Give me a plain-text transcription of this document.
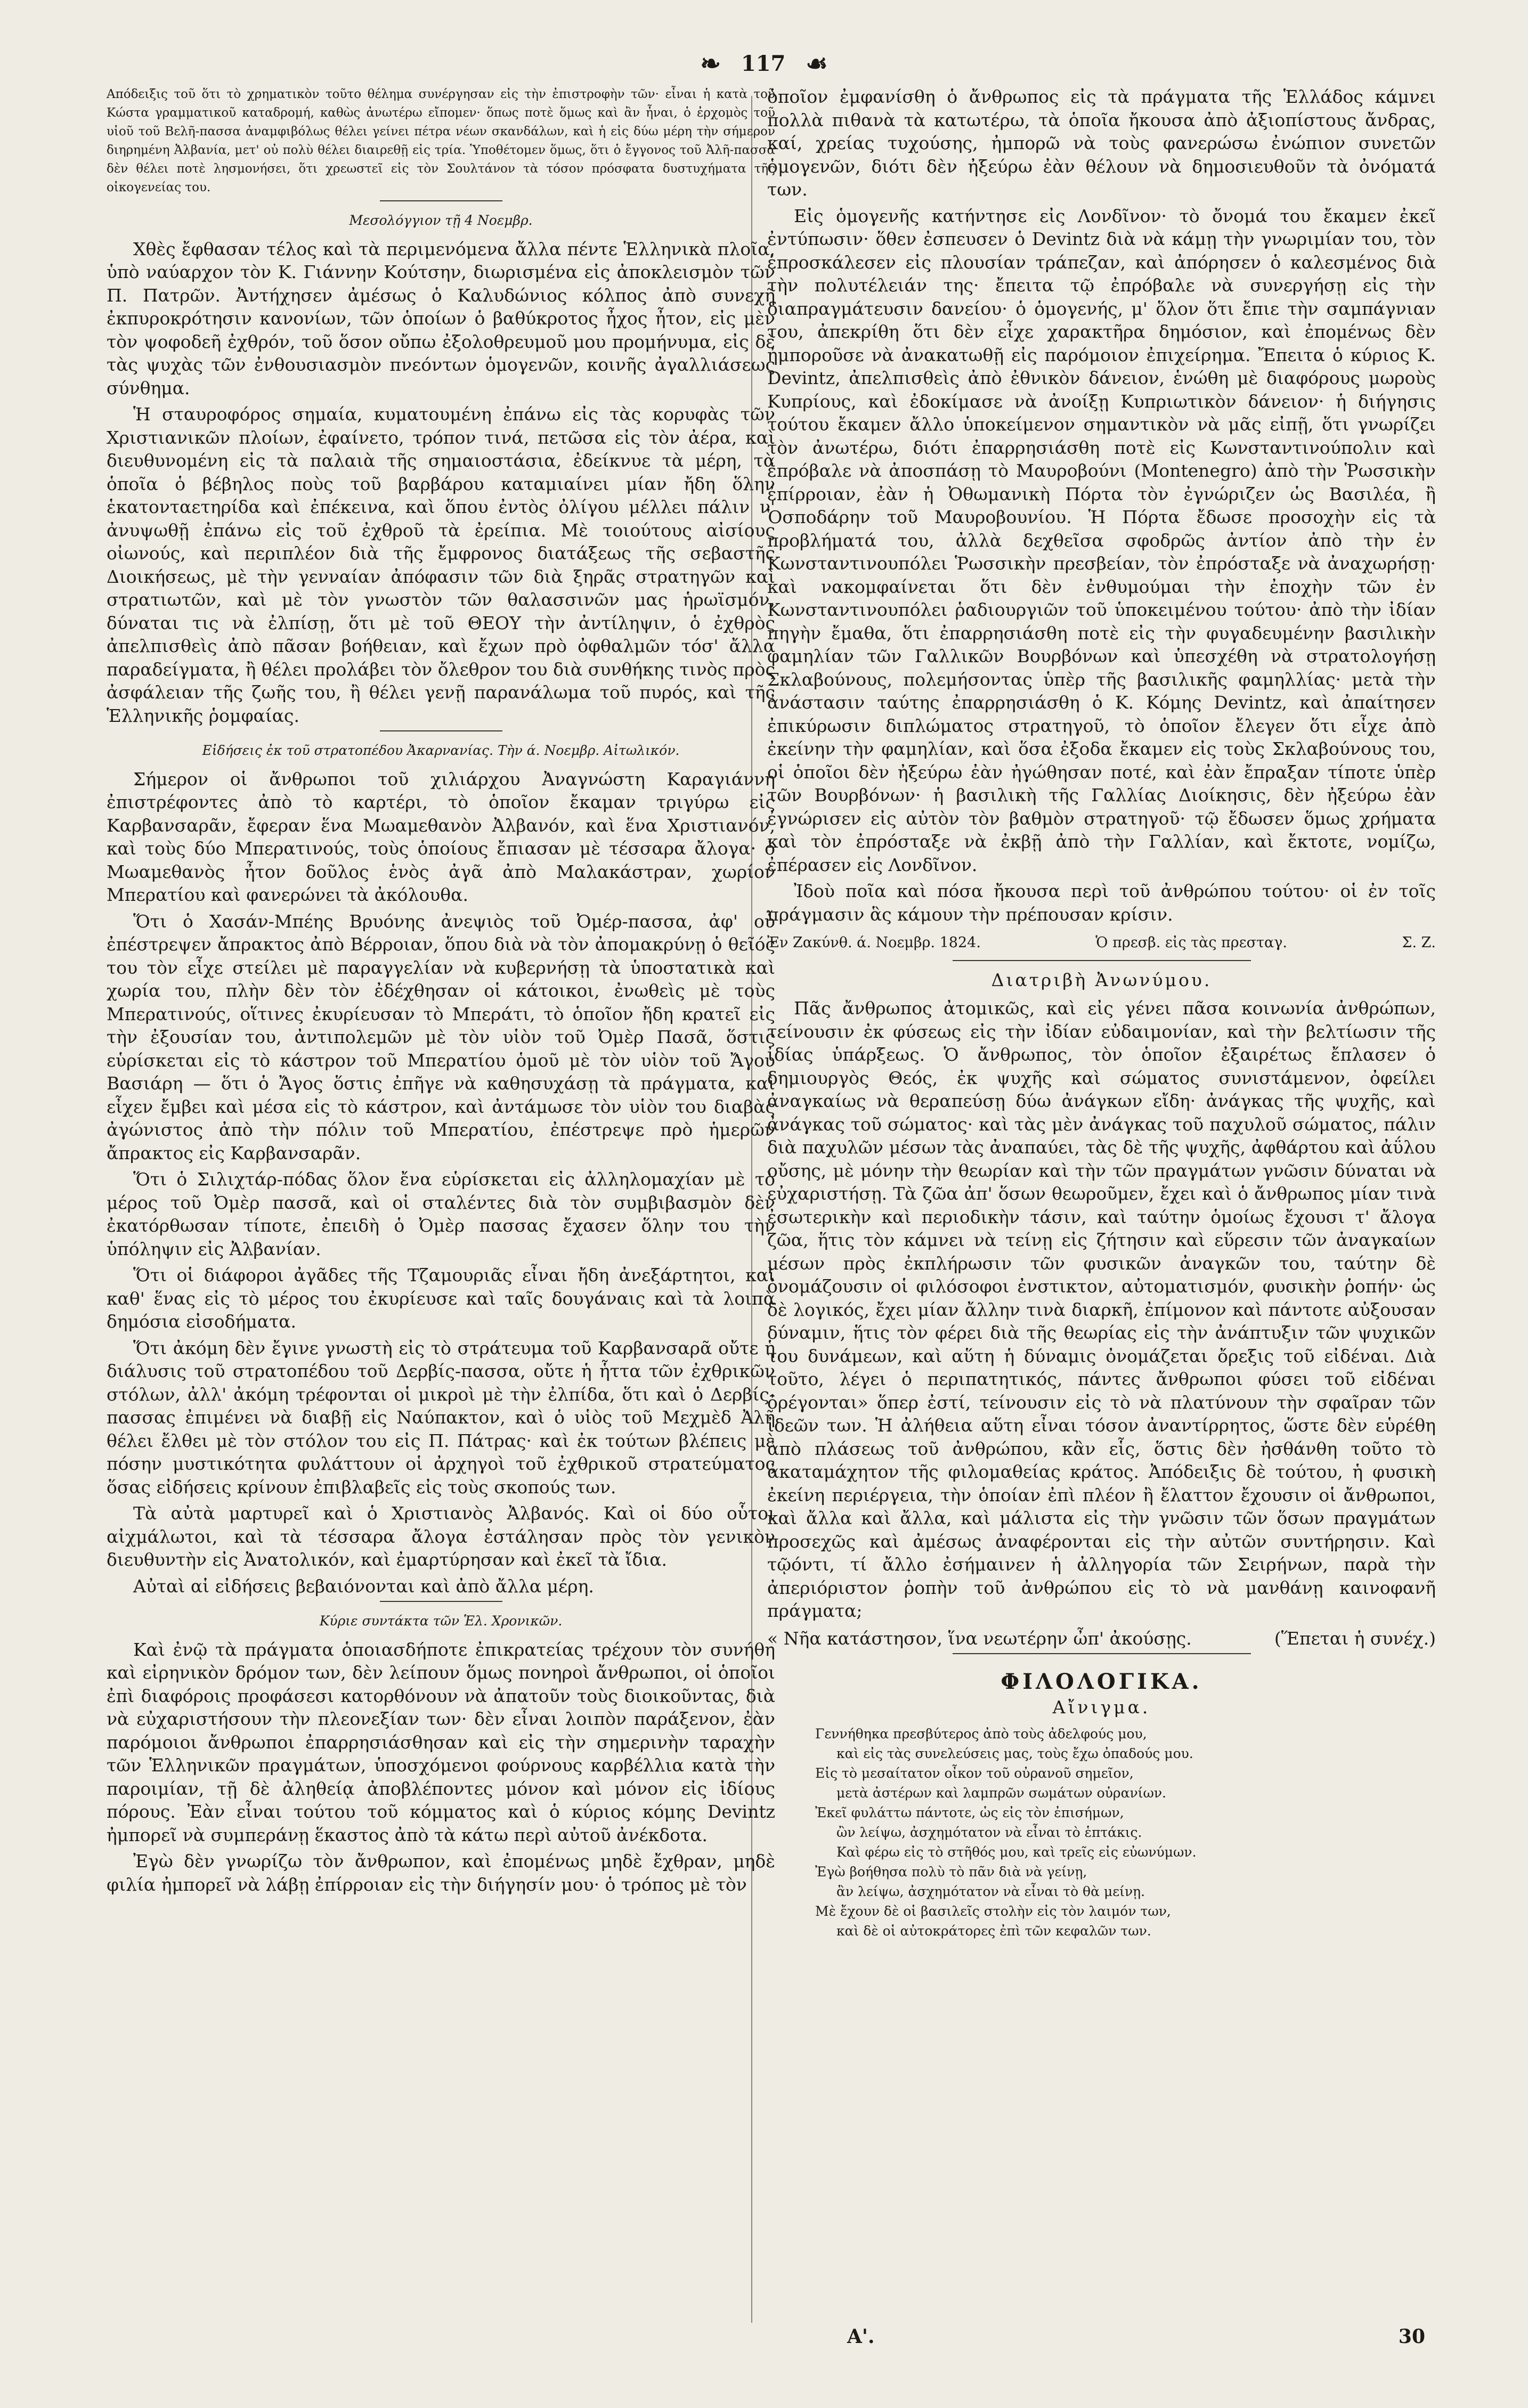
❧ 117 ☙

Απόδειξις τοῦ ὅτι τὸ χρηματικὸν τοῦτο θέλημα συνέργησαν εἰς τὴν ἐπιστροφὴν τῶν· εἶναι ἡ κατὰ τοῦ Κώστα γραμματικοῦ καταδρομή, καθὼς ἀνωτέρω εἴπομεν· ὅπως ποτὲ ὅμως καὶ ἂν ἦναι, ὁ ἐρχομὸς τοῦ υἱοῦ τοῦ Βελῆ-πασσα ἀναμφιβόλως θέλει γείνει πέτρα νέων σκανδάλων, καὶ ἡ εἰς δύω μέρη τὴν σήμερον διηρημένη Ἀλβανία, μετ' οὐ πολὺ θέλει διαιρεθῇ εἰς τρία. Ὑποθέτομεν ὅμως, ὅτι ὁ ἔγγονος τοῦ Ἀλῆ-πασσα δὲν θέλει ποτὲ λησμονήσει, ὅτι χρεωστεῖ εἰς τὸν Σουλτάνον τὰ τόσον πρόσφατα δυστυχήματα τῆς οἰκογενείας του.

Μεσολόγγιον τῇ 4 Νοεμβρ.

Χθὲς ἔφθασαν τέλος καὶ τὰ περιμενόμενα ἄλλα πέντε Ἑλληνικὰ πλοῖα, ὑπὸ ναύαρχον τὸν Κ. Γιάννην Κούτσην, διωρισμένα εἰς ἀποκλεισμὸν τῶν Π. Πατρῶν. Ἀντήχησεν ἀμέσως ὁ Καλυδώνιος κόλπος ἀπὸ συνεχῆ ἐκπυροκρότησιν κανονίων, τῶν ὁποίων ὁ βαθύκροτος ἦχος ἦτον, εἰς μὲν τὸν ψοφοδεῆ ἐχθρόν, τοῦ ὅσον οὔπω ἐξολοθρευμοῦ μου προμήνυμα, εἰς δὲ τὰς ψυχὰς τῶν ἐνθουσιασμὸν πνεόντων ὁμογενῶν, κοινῆς ἀγαλλιάσεως σύνθημα.

Ἡ σταυροφόρος σημαία, κυματουμένη ἐπάνω εἰς τὰς κορυφὰς τῶν Χριστιανικῶν πλοίων, ἐφαίνετο, τρόπον τινά, πετῶσα εἰς τὸν ἀέρα, καὶ διευθυνομένη εἰς τὰ παλαιὰ τῆς σημαιοστάσια, ἐδείκνυε τὰ μέρη, τὰ ὁποῖα ὁ βέβηλος ποὺς τοῦ βαρβάρου καταμιαίνει μίαν ἤδη ὅλην ἑκατονταετηρίδα καὶ ἐπέκεινα, καὶ ὅπου ἐντὸς ὀλίγου μέλλει πάλιν ν' ἀνυψωθῇ ἐπάνω εἰς τοῦ ἐχθροῦ τὰ ἐρείπια. Μὲ τοιούτους αἰσίους οἰωνούς, καὶ περιπλέον διὰ τῆς ἔμφρονος διατάξεως τῆς σεβαστῆς Διοικήσεως, μὲ τὴν γενναίαν ἀπόφασιν τῶν διὰ ξηρᾶς στρατηγῶν καὶ στρατιωτῶν, καὶ μὲ τὸν γνωστὸν τῶν θαλασσινῶν μας ἡρωϊσμόν, δύναται τις νὰ ἐλπίσῃ, ὅτι μὲ τοῦ ΘΕΟΥ τὴν ἀντίληψιν, ὁ ἐχθρὸς ἀπελπισθεὶς ἀπὸ πᾶσαν βοήθειαν, καὶ ἔχων πρὸ ὀφθαλμῶν τόσ' ἄλλα παραδείγματα, ἢ θέλει προλάβει τὸν ὄλεθρον του διὰ συνθήκης τινὸς πρὸς ἀσφάλειαν τῆς ζωῆς του, ἢ θέλει γενῇ παρανάλωμα τοῦ πυρός, καὶ τῆς Ἑλληνικῆς ῥομφαίας.

Εἰδήσεις ἐκ τοῦ στρατοπέδου Ἀκαρνανίας. Τὴν ά. Νοεμβρ. Αἰτωλικόν.

Σήμερον οἱ ἄνθρωποι τοῦ χιλιάρχου Ἀναγνώστη Καραγιάννη ἐπιστρέφοντες ἀπὸ τὸ καρτέρι, τὸ ὁποῖον ἔκαμαν τριγύρω εἰς Καρβανσαρᾶν, ἔφεραν ἕνα Μωαμεθανὸν Ἀλβανόν, καὶ ἕνα Χριστιανόν, καὶ τοὺς δύο Μπερατινούς, τοὺς ὁποίους ἔπιασαν μὲ τέσσαρα ἄλογα· ὁ Μωαμεθανὸς ἦτον δοῦλος ἑνὸς ἀγᾶ ἀπὸ Μαλακάστραν, χωρίον Μπερατίου καὶ φανερώνει τὰ ἀκόλουθα.

Ὅτι ὁ Χασάν-Μπέης Βρυόνης ἀνεψιὸς τοῦ Ὀμέρ-πασσα, ἀφ' οὗ ἐπέστρεψεν ἄπρακτος ἀπὸ Βέρροιαν, ὅπου διὰ νὰ τὸν ἀπομακρύνῃ ὁ θεῖός του τὸν εἶχε στείλει μὲ παραγγελίαν νὰ κυβερνήσῃ τὰ ὑποστατικὰ καὶ χωρία του, πλὴν δὲν τὸν ἐδέχθησαν οἱ κάτοικοι, ἐνωθεὶς μὲ τοὺς Μπερατινούς, οἵτινες ἐκυρίευσαν τὸ Μπεράτι, τὸ ὁποῖον ἤδη κρατεῖ εἰς τὴν ἐξουσίαν του, ἀντιπολεμῶν μὲ τὸν υἱὸν τοῦ Ὀμὲρ Πασᾶ, ὅστις εὑρίσκεται εἰς τὸ κάστρον τοῦ Μπερατίου ὁμοῦ μὲ τὸν υἱὸν τοῦ Ἄγου Βασιάρη — ὅτι ὁ Ἄγος ὅστις ἐπῆγε νὰ καθησυχάσῃ τὰ πράγματα, καὶ εἶχεν ἔμβει καὶ μέσα εἰς τὸ κάστρον, καὶ ἀντάμωσε τὸν υἱὸν του διαβὰς ἀγώνιστος ἀπὸ τὴν πόλιν τοῦ Μπερατίου, ἐπέστρεψε πρὸ ἡμερῶν ἄπρακτος εἰς Καρβανσαρᾶν.

Ὅτι ὁ Σιλιχτάρ-πόδας ὅλον ἔνα εὑρίσκεται εἰς ἀλληλομαχίαν μὲ τὸ μέρος τοῦ Ὀμὲρ πασσᾶ, καὶ οἱ σταλέντες διὰ τὸν συμβιβασμὸν δὲν ἐκατόρθωσαν τίποτε, ἐπειδὴ ὁ Ὀμὲρ πασσας ἔχασεν ὅλην του τὴν ὑπόληψιν εἰς Ἀλβανίαν.

Ὅτι οἱ διάφοροι ἀγᾶδες τῆς Τζαμουριᾶς εἶναι ἤδη ἀνεξάρτητοι, καὶ καθ' ἕνας εἰς τὸ μέρος του ἐκυρίευσε καὶ ταῖς δουγάναις καὶ τὰ λοιπὰ δημόσια εἰσοδήματα.

Ὅτι ἀκόμη δὲν ἔγινε γνωστὴ εἰς τὸ στράτευμα τοῦ Καρβανσαρᾶ οὔτε ἡ διάλυσις τοῦ στρατοπέδου τοῦ Δερβίς-πασσα, οὔτε ἡ ἧττα τῶν ἐχθρικῶν στόλων, ἀλλ' ἀκόμη τρέφονται οἱ μικροὶ μὲ τὴν ἐλπίδα, ὅτι καὶ ὁ Δερβίς-πασσας ἐπιμένει νὰ διαβῇ εἰς Ναύπακτον, καὶ ὁ υἱὸς τοῦ Μεχμὲδ Ἀλῆ θέλει ἔλθει μὲ τὸν στόλον του εἰς Π. Πάτρας· καὶ ἐκ τούτων βλέπεις μὲ πόσην μυστικότητα φυλάττουν οἱ ἀρχηγοὶ τοῦ ἐχθρικοῦ στρατεύματος ὅσας εἰδήσεις κρίνουν ἐπιβλαβεῖς εἰς τοὺς σκοπούς των.

Τὰ αὐτὰ μαρτυρεῖ καὶ ὁ Χριστιανὸς Ἀλβανός. Καὶ οἱ δύο οὗτοι αἰχμάλωτοι, καὶ τὰ τέσσαρα ἄλογα ἐστάλησαν πρὸς τὸν γενικὸν διευθυντὴν εἰς Ἀνατολικόν, καὶ ἐμαρτύρησαν καὶ ἐκεῖ τὰ ἴδια.

Αὐταὶ αἱ εἰδήσεις βεβαιόνονται καὶ ἀπὸ ἄλλα μέρη.

Κύριε συντάκτα τῶν Ἑλ. Χρονικῶν.

Καὶ ἐνῷ τὰ πράγματα ὁποιασδήποτε ἐπικρατείας τρέχουν τὸν συνήθη καὶ εἰρηνικὸν δρόμον των, δὲν λείπουν ὅμως πονηροὶ ἄνθρωποι, οἱ ὁποῖοι ἐπὶ διαφόροις προφάσεσι κατορθόνουν νὰ ἀπατοῦν τοὺς διοικοῦντας, διὰ νὰ εὐχαριστήσουν τὴν πλεονεξίαν των· δὲν εἶναι λοιπὸν παράξενον, ἐὰν παρόμοιοι ἄνθρωποι ἐπαρρησιάσθησαν καὶ εἰς τὴν σημερινὴν ταραχὴν τῶν Ἑλληνικῶν πραγμάτων, ὑποσχόμενοι φούρνους καρβέλλια κατὰ τὴν παροιμίαν, τῇ δὲ ἀληθείᾳ ἀποβλέποντες μόνον καὶ μόνον εἰς ἰδίους πόρους. Ἐὰν εἶναι τούτου τοῦ κόμματος καὶ ὁ κύριος κόμης Devintz ἠμπορεῖ νὰ συμπεράνῃ ἕκαστος ἀπὸ τὰ κάτω περὶ αὐτοῦ ἀνέκδοτα.

Ἐγὼ δὲν γνωρίζω τὸν ἄνθρωπον, καὶ ἐπομένως μηδὲ ἔχθραν, μηδὲ φιλία ἠμπορεῖ νὰ λάβῃ ἐπίρροιαν εἰς τὴν διήγησίν μου· ὁ τρόπος μὲ τὸν

ὁποῖον ἐμφανίσθη ὁ ἄνθρωπος εἰς τὰ πράγματα τῆς Ἑλλάδος κάμνει πολλὰ πιθανὰ τὰ κατωτέρω, τὰ ὁποῖα ἤκουσα ἀπὸ ἀξιοπίστους ἄνδρας, καί, χρείας τυχούσης, ἠμπορῶ νὰ τοὺς φανερώσω ἐνώπιον συνετῶν ὁμογενῶν, διότι δὲν ἠξεύρω ἐὰν θέλουν νὰ δημοσιευθοῦν τὰ ὀνόματά των.

Εἰς ὁμογενῆς κατήντησε εἰς Λονδῖνον· τὸ ὄνομά του ἔκαμεν ἐκεῖ ἐντύπωσιν· ὅθεν ἐσπευσεν ὁ Devintz διὰ νὰ κάμῃ τὴν γνωριμίαν του, τὸν ἐπροσκάλεσεν εἰς πλουσίαν τράπεζαν, καὶ ἀπόρησεν ὁ καλεσμένος διὰ τὴν πολυτέλειάν της· ἔπειτα τῷ ἐπρόβαλε νὰ συνεργήσῃ εἰς τὴν διαπραγμάτευσιν δανείου· ὁ ὁμογενής, μ' ὅλον ὅτι ἔπιε τὴν σαμπάγνιαν του, ἀπεκρίθη ὅτι δὲν εἶχε χαρακτῆρα δημόσιον, καὶ ἐπομένως δὲν ἠμποροῦσε νὰ ἀνακατωθῇ εἰς παρόμοιον ἐπιχείρημα. Ἔπειτα ὁ κύριος Κ. Devintz, ἀπελπισθεὶς ἀπὸ ἐθνικὸν δάνειον, ἑνώθη μὲ διαφόρους μωροὺς Κυπρίους, καὶ ἐδοκίμασε νὰ ἀνοίξῃ Κυπριωτικὸν δάνειον· ἡ διήγησις τούτου ἔκαμεν ἄλλο ὑποκείμενον σημαντικὸν νὰ μᾶς εἰπῇ, ὅτι γνωρίζει τὸν ἀνωτέρω, διότι ἐπαρρησιάσθη ποτὲ εἰς Κωνσταντινούπολιν καὶ ἐπρόβαλε νὰ ἀποσπάσῃ τὸ Μαυροβούνι (Montenegro) ἀπὸ τὴν Ῥωσσικὴν ἐπίρροιαν, ἐὰν ἡ Ὀθωμανικὴ Πόρτα τὸν ἐγνώριζεν ὡς Βασιλέα, ἢ Ὁσποδάρην τοῦ Μαυροβουνίου. Ἡ Πόρτα ἔδωσε προσοχὴν εἰς τὰ προβλήματά του, ἀλλὰ δεχθεῖσα σφοδρῶς ἀντίον ἀπὸ τὴν ἐν Κωνσταντινουπόλει Ῥωσσικὴν πρεσβείαν, τὸν ἐπρόσταξε νὰ ἀναχωρήσῃ· καὶ νακομφαίνεται ὅτι δὲν ἐνθυμούμαι τὴν ἐποχὴν τῶν ἐν Κωνσταντινουπόλει ῥαδιουργιῶν τοῦ ὑποκειμένου τούτου· ἀπὸ τὴν ἰδίαν πηγὴν ἔμαθα, ὅτι ἐπαρρησιάσθη ποτὲ εἰς τὴν φυγαδευμένην βασιλικὴν φαμηλίαν τῶν Γαλλικῶν Βουρβόνων καὶ ὑπεσχέθη νὰ στρατολογήσῃ Σκλαβούνους, πολεμήσοντας ὑπὲρ τῆς βασιλικῆς φαμηλλίας· μετὰ τὴν ἀνάστασιν ταύτης ἐπαρρησιάσθη ὁ Κ. Κόμης Devintz, καὶ ἀπαίτησεν ἐπικύρωσιν διπλώματος στρατηγοῦ, τὸ ὁποῖον ἔλεγεν ὅτι εἶχε ἀπὸ ἐκείνην τὴν φαμηλίαν, καὶ ὅσα ἐξοδα ἔκαμεν εἰς τοὺς Σκλαβούνους του, οἱ ὁποῖοι δὲν ἠξεύρω ἐὰν ἠγώθησαν ποτέ, καὶ ἐὰν ἔπραξαν τίποτε ὑπὲρ τῶν Βουρβόνων· ἡ βασιλικὴ τῆς Γαλλίας Διοίκησις, δὲν ἠξεύρω ἐὰν ἐγνώρισεν εἰς αὐτὸν τὸν βαθμὸν στρατηγοῦ· τῷ ἔδωσεν ὅμως χρήματα καὶ τὸν ἐπρόσταξε νὰ ἐκβῇ ἀπὸ τὴν Γαλλίαν, καὶ ἔκτοτε, νομίζω, ἐπέρασεν εἰς Λονδῖνον.

Ἰδοὺ ποῖα καὶ πόσα ἤκουσα περὶ τοῦ ἀνθρώπου τούτου· οἱ ἐν τοῖς πράγμασιν ἃς κάμουν τὴν πρέπουσαν κρίσιν.

Ἐν Ζακύνθ. ά. Νοεμβρ. 1824.	Ὁ πρεσβ. εἰς τὰς πρεσταγ.	Σ. Ζ.
Διατριβὴ Ἀνωνύμου.

Πᾶς ἄνθρωπος ἀτομικῶς, καὶ εἰς γένει πᾶσα κοινωνία ἀνθρώπων, τείνουσιν ἐκ φύσεως εἰς τὴν ἰδίαν εὐδαιμονίαν, καὶ τὴν βελτίωσιν τῆς ἰδίας ὑπάρξεως. Ὁ ἄνθρωπος, τὸν ὁποῖον ἐξαιρέτως ἔπλασεν ὁ δημιουργὸς Θεός, ἐκ ψυχῆς καὶ σώματος συνιστάμενον, ὀφείλει ἀναγκαίως νὰ θεραπεύσῃ δύω ἀνάγκων εἴδη· ἀνάγκας τῆς ψυχῆς, καὶ ἀνάγκας τοῦ σώματος· καὶ τὰς μὲν ἀνάγκας τοῦ παχυλοῦ σώματος, πάλιν διὰ παχυλῶν μέσων τὰς ἀναπαύει, τὰς δὲ τῆς ψυχῆς, ἀφθάρτου καὶ ἀΰλου οὔσης, μὲ μόνην τὴν θεωρίαν καὶ τὴν τῶν πραγμάτων γνῶσιν δύναται νὰ εὐχαριστήσῃ. Τὰ ζῶα ἀπ' ὅσων θεωροῦμεν, ἔχει καὶ ὁ ἄνθρωπος μίαν τινὰ ἐσωτερικὴν καὶ περιοδικὴν τάσιν, καὶ ταύτην ὁμοίως ἔχουσι τ' ἄλογα ζῶα, ἥτις τὸν κάμνει νὰ τείνῃ εἰς ζήτησιν καὶ εὕρεσιν τῶν ἀναγκαίων μέσων πρὸς ἐκπλήρωσιν τῶν φυσικῶν ἀναγκῶν του, ταύτην δὲ ὀνομάζουσιν οἱ φιλόσοφοι ἐνστικτον, αὐτοματισμόν, φυσικὴν ῥοπήν· ὡς δὲ λογικός, ἔχει μίαν ἄλλην τινὰ διαρκῆ, ἐπίμονον καὶ πάντοτε αὐξουσαν δύναμιν, ἥτις τὸν φέρει διὰ τῆς θεωρίας εἰς τὴν ἀνάπτυξιν τῶν ψυχικῶν του δυνάμεων, καὶ αὕτη ἡ δύναμις ὀνομάζεται ὄρεξις τοῦ εἰδέναι. Διὰ τοῦτο, λέγει ὁ περιπατητικός, πάντες ἄνθρωποι φύσει τοῦ εἰδέναι ὀρέγονται» ὅπερ ἐστί, τείνουσιν εἰς τὸ νὰ πλατύνουν τὴν σφαῖραν τῶν ἰδεῶν των. Ἡ ἀλήθεια αὕτη εἶναι τόσον ἀναντίρρητος, ὥστε δὲν εὑρέθη ἀπὸ πλάσεως τοῦ ἀνθρώπου, κἂν εἷς, ὅστις δὲν ἠσθάνθη τοῦτο τὸ ἀκαταμάχητον τῆς φιλομαθείας κράτος. Ἀπόδειξις δὲ τούτου, ἡ φυσικὴ ἐκείνη περιέργεια, τὴν ὁποίαν ἐπὶ πλέον ἢ ἔλαττον ἔχουσιν οἱ ἄνθρωποι, καὶ ἄλλα καὶ ἄλλα, καὶ μάλιστα εἰς τὴν γνῶσιν τῶν ὅσων πραγμάτων προσεχῶς καὶ ἀμέσως ἀναφέρονται εἰς τὴν αὐτῶν συντήρησιν. Καὶ τῷόντι, τί ἄλλο ἐσήμαινεν ἡ ἀλληγορία τῶν Σειρήνων, παρὰ τὴν ἀπεριόριστον ῥοπὴν τοῦ ἀνθρώπου εἰς τὸ νὰ μανθάνῃ καινοφανῆ πράγματα;

« Νῆα κατάστησον, ἵνα νεωτέρην ὦπ' ἀκούσῃς.	(Ἕπεται ἡ συνέχ.)
ΦΙΛΟΛΟΓΙΚΑ.
Αἴνιγμα.
Γεννήθηκα πρεσβύτερος ἀπὸ τοὺς ἀδελφούς μου,
καὶ εἰς τὰς συνελεύσεις μας, τοὺς ἔχω ὀπαδούς μου.
Εἰς τὸ μεσαίτατον οἶκον τοῦ οὐρανοῦ σημεῖον,
μετὰ ἀστέρων καὶ λαμπρῶν σωμάτων οὐρανίων.
Ἐκεῖ φυλάττω πάντοτε, ὡς εἰς τὸν ἐπισήμων,
ὢν λείψω, ἀσχημότατον νὰ εἶναι τὸ ἑπτάκις.
Καὶ φέρω εἰς τὸ στῆθός μου, καὶ τρεῖς εἰς εὐωνύμων.
Ἐγὼ βοήθησα πολὺ τὸ πᾶν διὰ νὰ γείνῃ,
ἂν λείψω, ἀσχημότατον νὰ εἶναι τὸ θὰ μείνῃ.
Μὲ ἔχουν δὲ οἱ βασιλεῖς στολὴν εἰς τὸν λαιμόν των,
καὶ δὲ οἱ αὐτοκράτορες ἐπὶ τῶν κεφαλῶν των.
Α'.	30
